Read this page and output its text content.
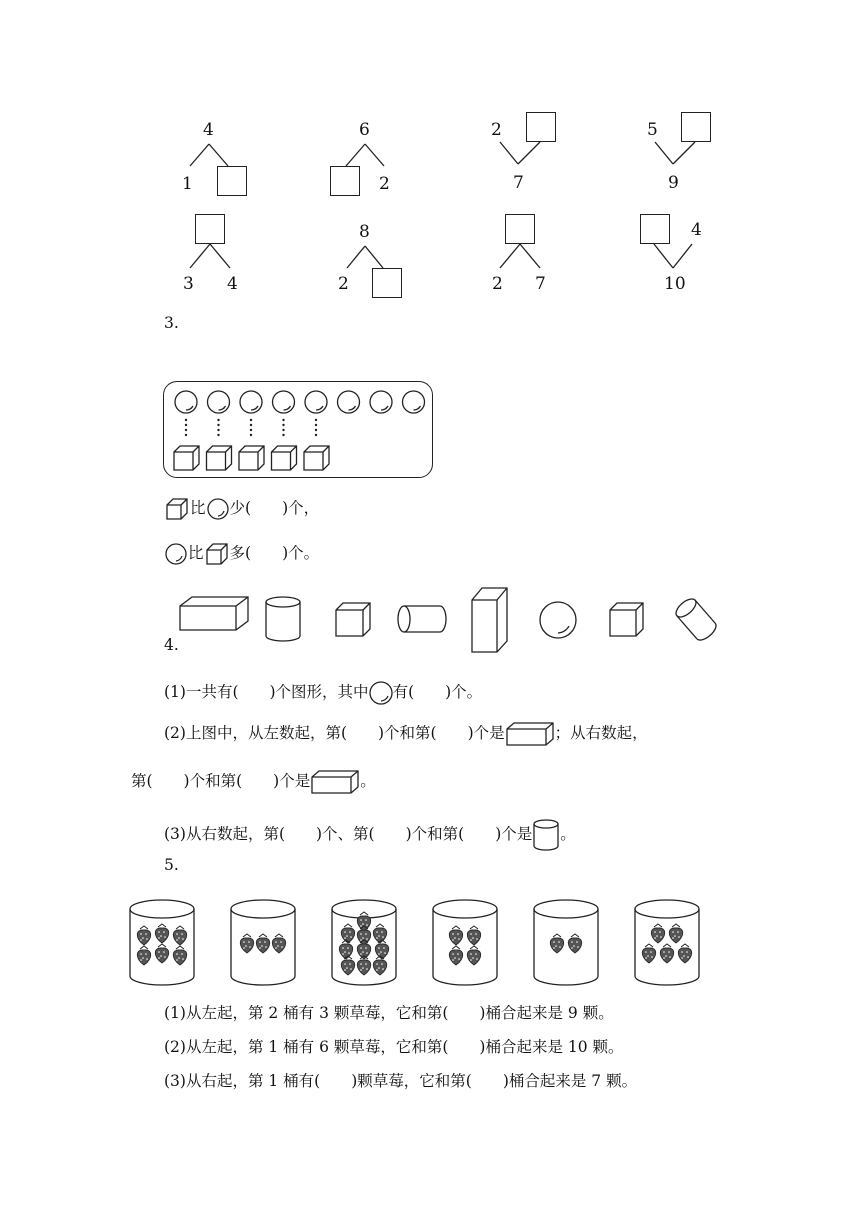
4
1
6
2
2
7
5
9
3 4
8
2	2 7
4
10
3.
比 少(　　)个，
比 多(　　)个。
4.
(1)一共有(　　)个图形，其中 有(　　)个。
(2)上图中，从左数起，第(　　)个和第(　　)个是	；从右数起，
第(　　)个和第(　　)个是	。
(3)从右数起，第(　　)个、第(　　)个和第(　　)个是 。
5.
(1)从左起，第 2 桶有 3 颗草莓，它和第(　　)桶合起来是 9 颗。
(2)从左起，第 1 桶有 6 颗草莓，它和第(　　)桶合起来是 10 颗。
(3)从右起，第 1 桶有(　　)颗草莓，它和第(　　)桶合起来是 7 颗。
